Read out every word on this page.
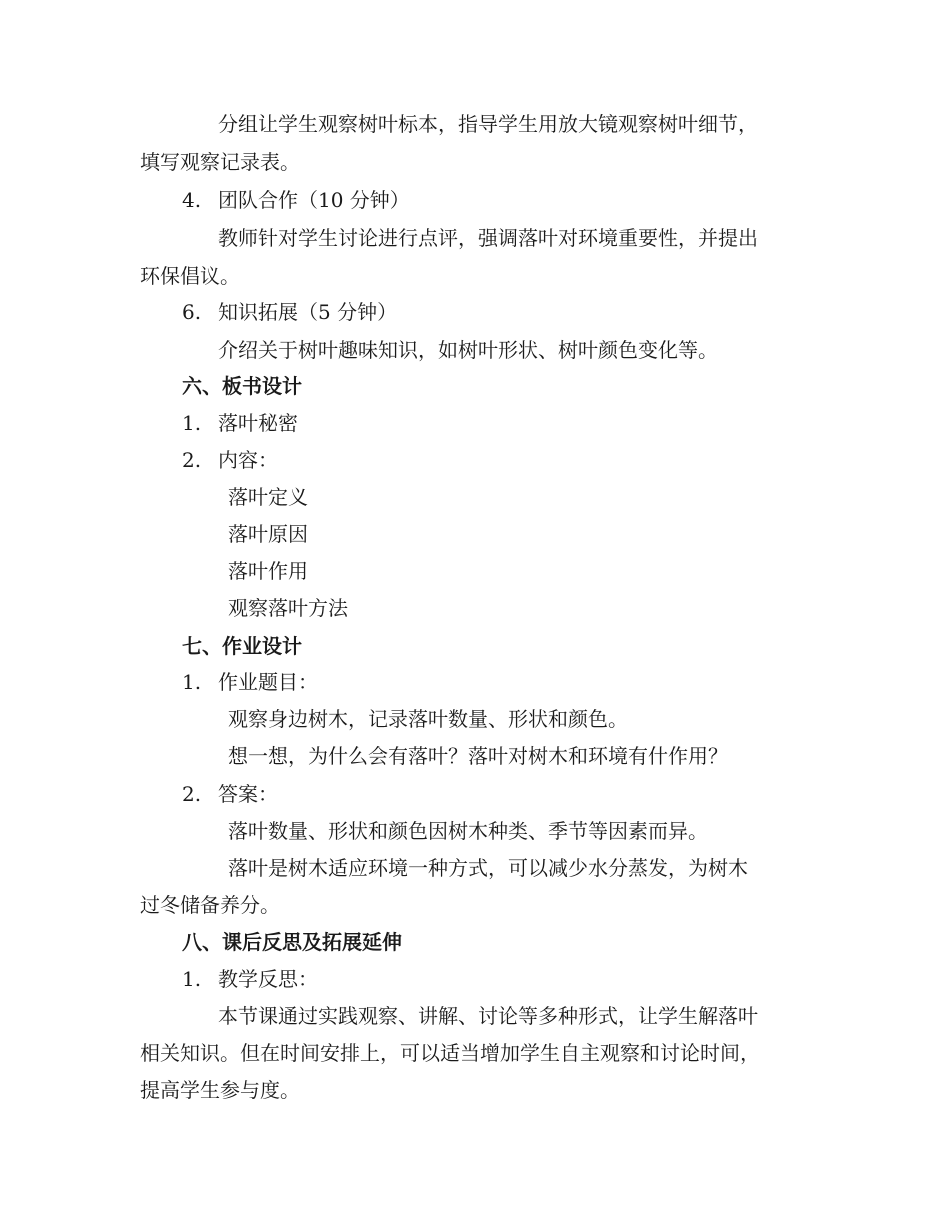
分组让学生观察树叶标本，指导学生用放大镜观察树叶细节，
填写观察记录表。
4. 团队合作（10 分钟）
教师针对学生讨论进行点评，强调落叶对环境重要性，并提出
环保倡议。
6. 知识拓展（5 分钟）
介绍关于树叶趣味知识，如树叶形状、树叶颜色变化等。
六、板书设计
1. 落叶秘密
2. 内容：
落叶定义
落叶原因
落叶作用
观察落叶方法
七、作业设计
1. 作业题目：
观察身边树木，记录落叶数量、形状和颜色。
想一想，为什么会有落叶？落叶对树木和环境有什作用？
2. 答案：
落叶数量、形状和颜色因树木种类、季节等因素而异。
落叶是树木适应环境一种方式，可以减少水分蒸发，为树木
过冬储备养分。
八、课后反思及拓展延伸
1. 教学反思：
本节课通过实践观察、讲解、讨论等多种形式，让学生解落叶
相关知识。但在时间安排上，可以适当增加学生自主观察和讨论时间，
提高学生参与度。
